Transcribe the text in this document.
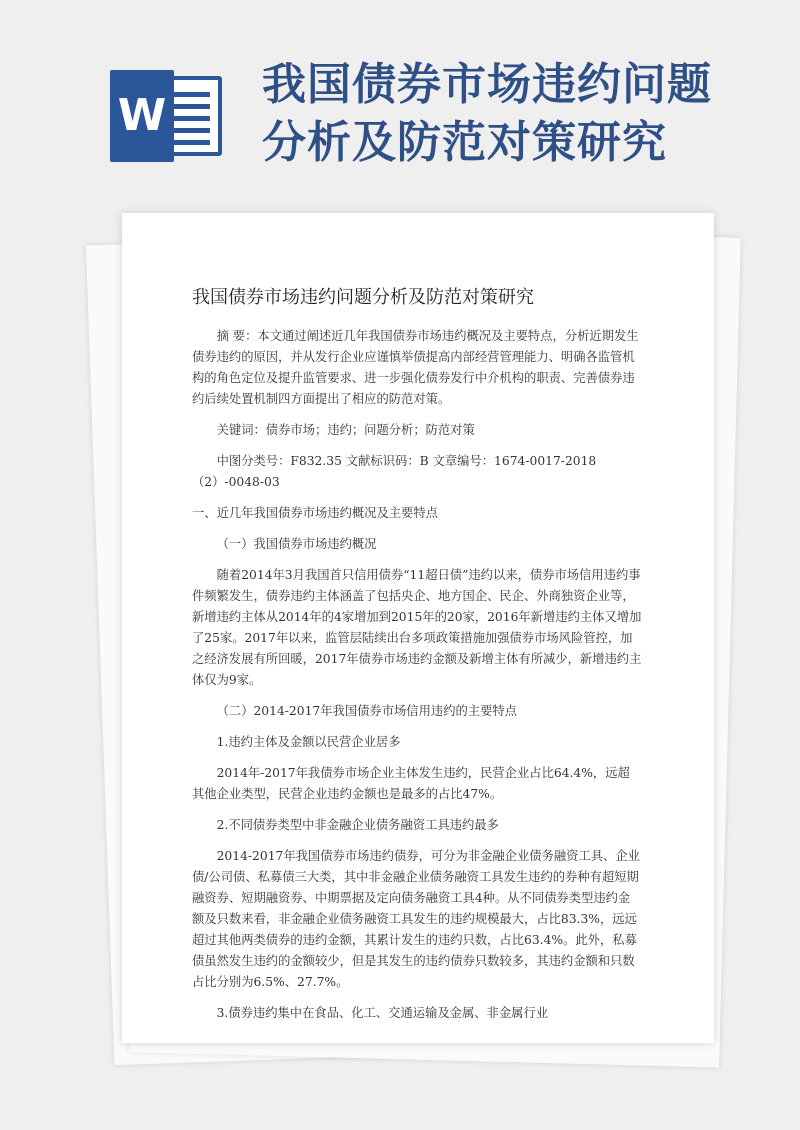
W
我国债券市场违约问题
分析及防范对策研究
我国债券市场违约问题分析及防范对策研究

摘 要：本文通过阐述近几年我国债券市场违约概况及主要特点，分析近期发生债券违约的原因，并从发行企业应谨慎举债提高内部经营管理能力、明确各监管机构的角色定位及提升监管要求、进一步强化债券发行中介机构的职责、完善债券违约后续处置机制四方面提出了相应的防范对策。

关键词：债券市场；违约；问题分析；防范对策

中图分类号：F832.35 文献标识码：B 文章编号：1674-0017-2018（2）-0048-03

一、近几年我国债券市场违约概况及主要特点

（一）我国债券市场违约概况

随着2014年3月我国首只信用债券“11超日债”违约以来，债券市场信用违约事件频繁发生，债券违约主体涵盖了包括央企、地方国企、民企、外商独资企业等，新增违约主体从2014年的4家增加到2015年的20家，2016年新增违约主体又增加了25家。2017年以来，监管层陆续出台多项政策措施加强债券市场风险管控，加之经济发展有所回暖，2017年债券市场违约金额及新增主体有所减少，新增违约主体仅为9家。

（二）2014-2017年我国债券市场信用违约的主要特点

1.违约主体及金额以民营企业居多

2014年-2017年我债券市场企业主体发生违约，民营企业占比64.4%，远超其他企业类型，民营企业违约金额也是最多的占比47%。

2.不同债券类型中非金融企业债务融资工具违约最多

2014-2017年我国债券市场违约债券，可分为非金融企业债务融资工具、企业债/公司债、私募债三大类，其中非金融企业债务融资工具发生违约的券种有超短期融资券、短期融资券、中期票据及定向债务融资工具4种。从不同债券类型违约金额及只数来看，非金融企业债务融资工具发生的违约规模最大，占比83.3%，远远超过其他两类债券的违约金额，其累计发生的违约只数，占比63.4%。此外，私募债虽然发生违约的金额较少，但是其发生的违约债券只数较多，其违约金额和只数占比分别为6.5%、27.7%。

3.债券违约集中在食品、化工、交通运输及金属、非金属行业
